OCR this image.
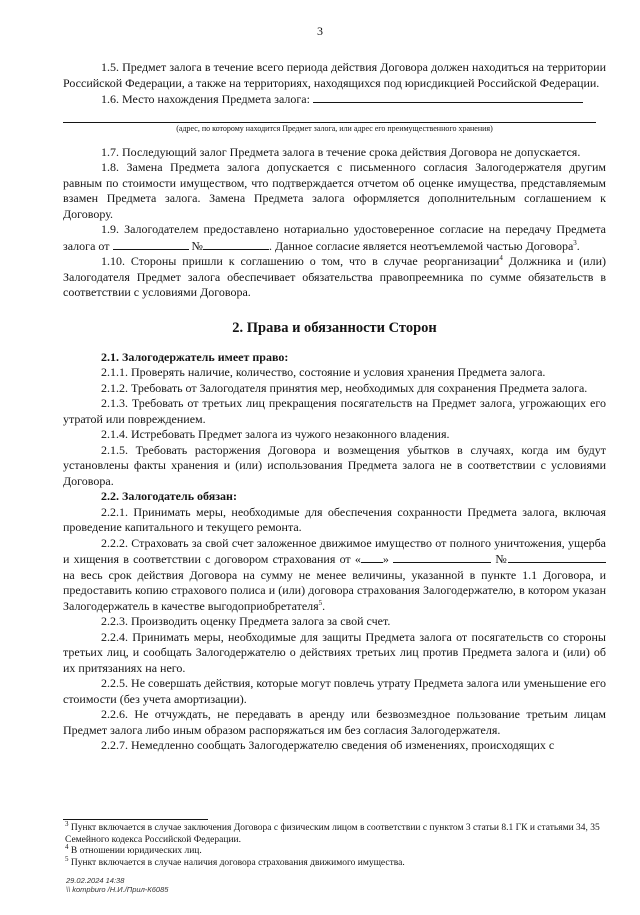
3

1.5. Предмет залога в течение всего периода действия Договора должен находиться на территории Российской Федерации, а также на территориях, находящихся под юрисдикцией Российской Федерации.

1.6. Место нахождения Предмета залога:

(адрес, по которому находится Предмет залога, или адрес его преимущественного хранения)

1.7. Последующий залог Предмета залога в течение срока действия Договора не допускается.

1.8. Замена Предмета залога допускается с письменного согласия Залогодержателя другим равным по стоимости имуществом, что подтверждается отчетом об оценке имущества, представляемым взамен Предмета залога. Замена Предмета залога оформляется дополнительным соглашением к Договору.

1.9. Залогодателем предоставлено нотариально удостоверенное согласие на передачу Предмета залога от	№	. Данное согласие является неотъемлемой частью Договора$^3$.

1.10. Стороны пришли к соглашению о том, что в случае реорганизации$^4$ Должника и (или) Залогодателя Предмет залога обеспечивает обязательства правопреемника по сумме обязательств в соответствии с условиями Договора.

2. Права и обязанности Сторон

2.1. Залогодержатель имеет право:

2.1.1. Проверять наличие, количество, состояние и условия хранения Предмета залога.

2.1.2. Требовать от Залогодателя принятия мер, необходимых для сохранения Предмета залога.

2.1.3. Требовать от третьих лиц прекращения посягательств на Предмет залога, угрожающих его утратой или повреждением.

2.1.4. Истребовать Предмет залога из чужого незаконного владения.

2.1.5. Требовать расторжения Договора и возмещения убытков в случаях, когда им будут установлены факты хранения и (или) использования Предмета залога не в соответствии с условиями Договора.

2.2. Залогодатель обязан:

2.2.1. Принимать меры, необходимые для обеспечения сохранности Предмета залога, включая проведение капитального и текущего ремонта.

2.2.2. Страховать за свой счет заложенное движимое имущество от полного уничтожения, ущерба и хищения в соответствии с договором страхования от « »	№ на весь срок действия Договора на сумму не менее величины, указанной в пункте 1.1 Договора, и предоставить копию страхового полиса и (или) договора страхования Залогодержателю, в котором указан Залогодержатель в качестве выгодоприобретателя$^5$.

2.2.3. Производить оценку Предмета залога за свой счет.

2.2.4. Принимать меры, необходимые для защиты Предмета залога от посягательств со стороны третьих лиц, и сообщать Залогодержателю о действиях третьих лиц против Предмета залога и (или) об их притязаниях на него.

2.2.5. Не совершать действия, которые могут повлечь утрату Предмета залога или уменьшение его стоимости (без учета амортизации).

2.2.6. Не отчуждать, не передавать в аренду или безвозмездное пользование третьим лицам Предмет залога либо иным образом распоряжаться им без согласия Залогодержателя.

2.2.7. Немедленно сообщать Залогодержателю сведения об изменениях, происходящих с

$^3$ Пункт включается в случае заключения Договора с физическим лицом в соответствии с пунктом 3 статьи 8.1 ГК и статьями 34, 35 Семейного кодекса Российской Федерации.

$^4$ В отношении юридических лиц.

$^5$ Пункт включается в случае наличия договора страхования движимого имущества.

29.02.2024 14:38
\\ kompburo /Н.И./Прил-К6085
